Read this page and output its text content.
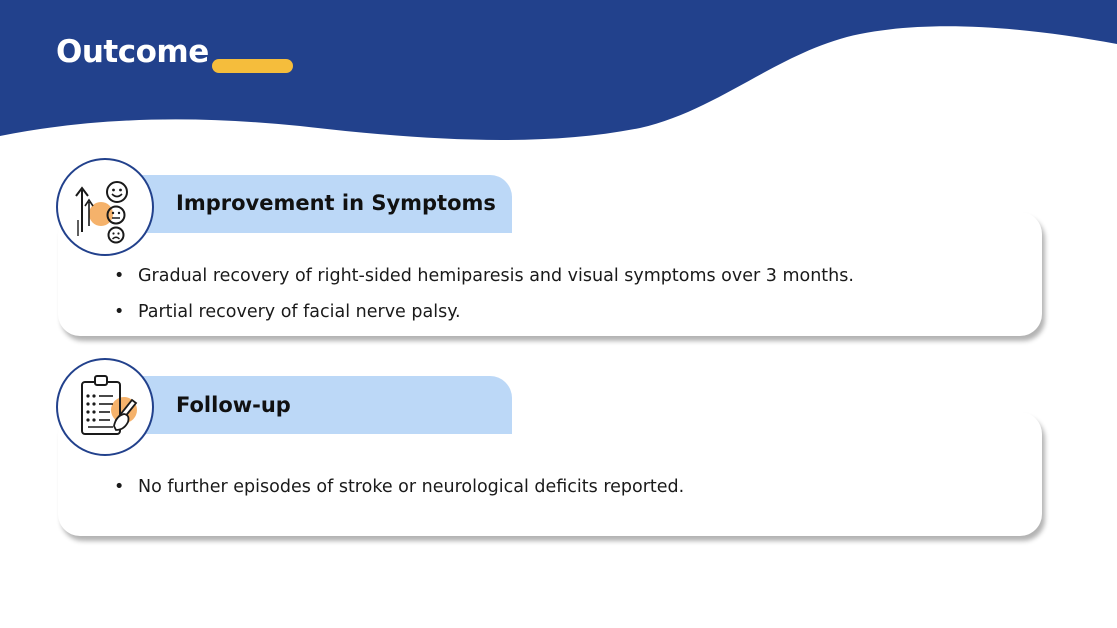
Outcome
Improvement in Symptoms
• Gradual recovery of right-sided hemiparesis and visual symptoms over 3 months.
• Partial recovery of facial nerve palsy.
Follow-up
• No further episodes of stroke or neurological deficits reported.
